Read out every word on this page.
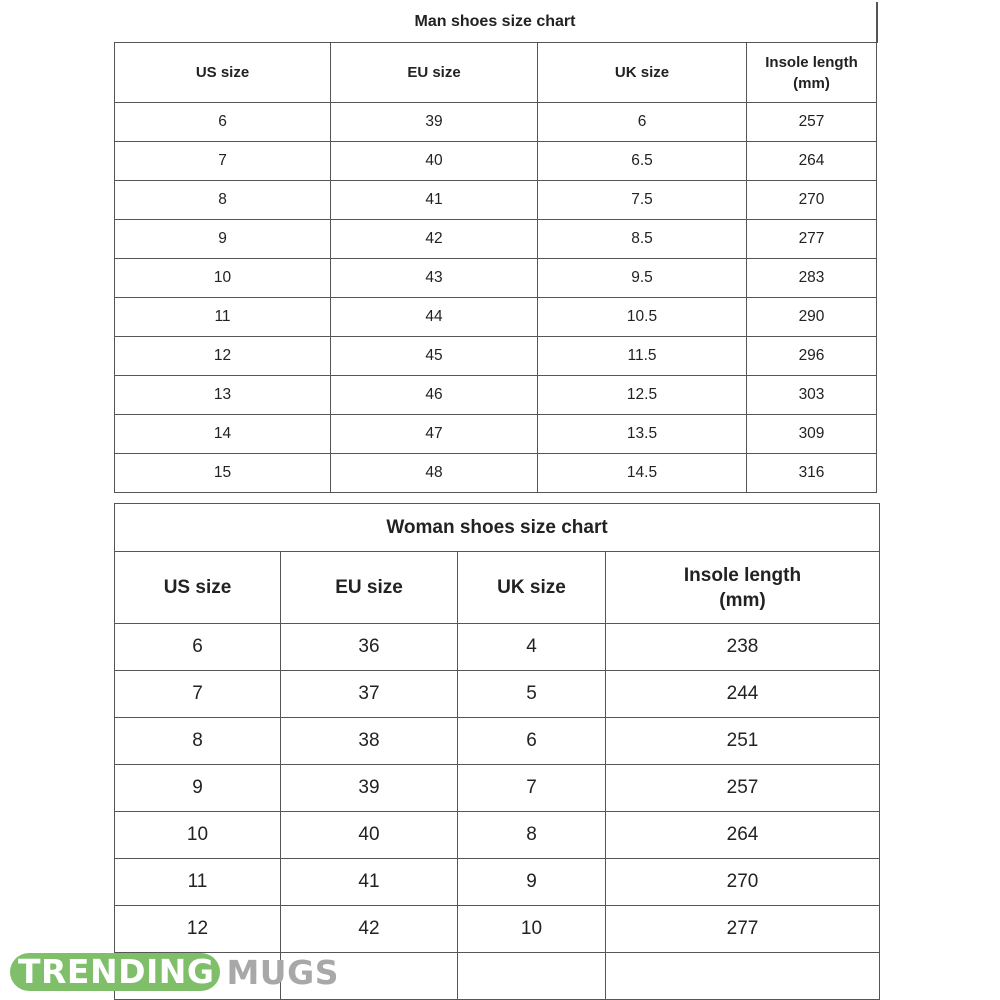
Man shoes size chart			
US size	EU size	UK size	Insole length
(mm)
6	39	6	257
7	40	6.5	264
8	41	7.5	270
9	42	8.5	277
10	43	9.5	283
11	44	10.5	290
12	45	11.5	296
13	46	12.5	303
14	47	13.5	309
15	48	14.5	316
Woman shoes size chart			
US size	EU size	UK size	Insole length
(mm)
6	36	4	238
7	37	5	244
8	38	6	251
9	39	7	257
10	40	8	264
11	41	9	270
12	42	10	277

TRENDING MUGS
